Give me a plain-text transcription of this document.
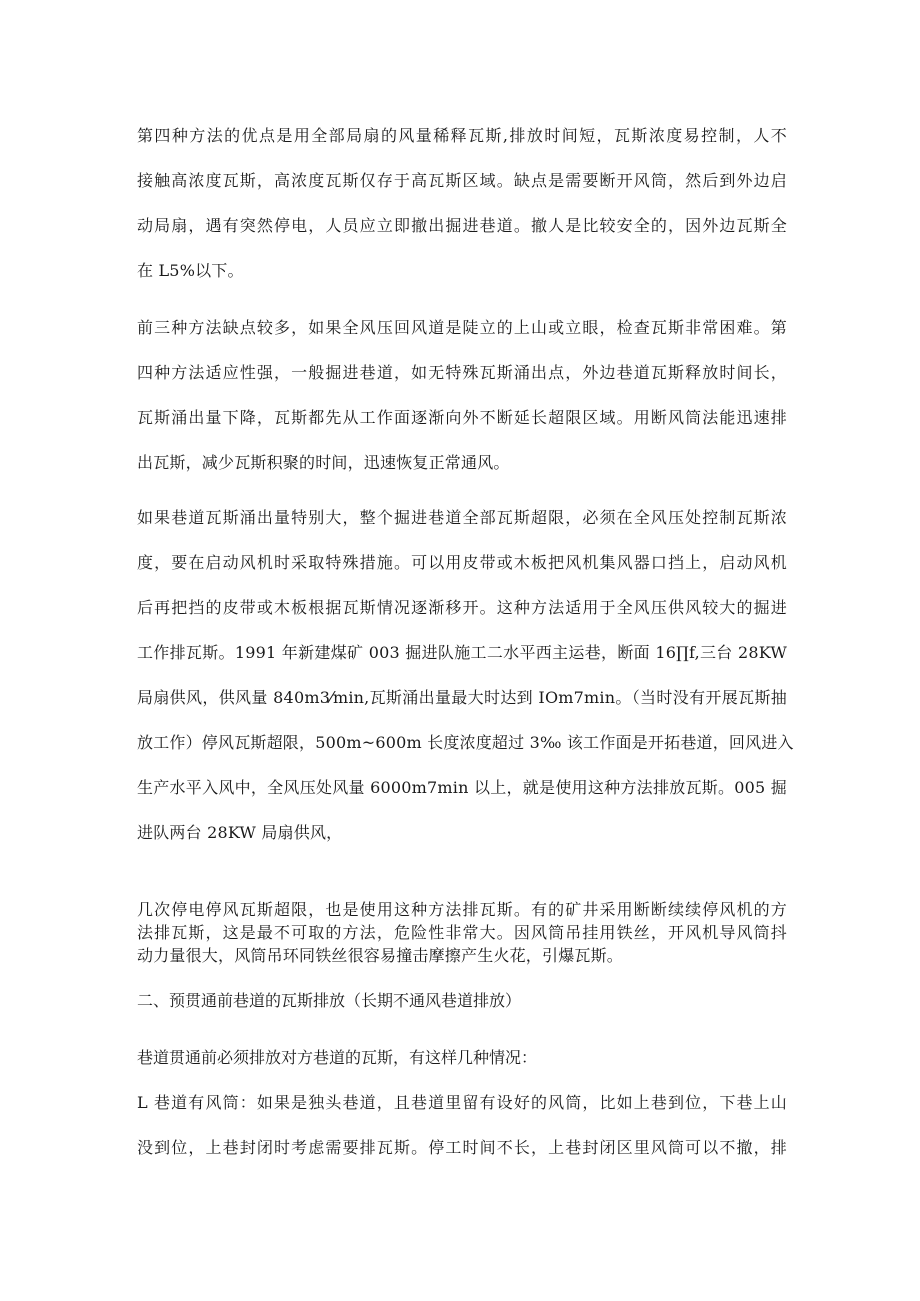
第四种方法的优点是用全部局扇的风量稀释瓦斯,排放时间短，瓦斯浓度易控制，人不
接触高浓度瓦斯，高浓度瓦斯仅存于高瓦斯区域。缺点是需要断开风筒，然后到外边启
动局扇，遇有突然停电，人员应立即撤出掘进巷道。撤人是比较安全的，因外边瓦斯全
在 L5%以下。
前三种方法缺点较多，如果全风压回风道是陡立的上山或立眼，检查瓦斯非常困难。第
四种方法适应性强，一般掘进巷道，如无特殊瓦斯涌出点，外边巷道瓦斯释放时间长，
瓦斯涌出量下降，瓦斯都先从工作面逐渐向外不断延长超限区域。用断风筒法能迅速排
出瓦斯，减少瓦斯积聚的时间，迅速恢复正常通风。
如果巷道瓦斯涌出量特别大，整个掘进巷道全部瓦斯超限，必须在全风压处控制瓦斯浓
度，要在启动风机时采取特殊措施。可以用皮带或木板把风机集风器口挡上，启动风机
后再把挡的皮带或木板根据瓦斯情况逐渐移开。这种方法适用于全风压供风较大的掘进
工作排瓦斯。1991 年新建煤矿 003 掘进队施工二水平西主运巷，断面 16∏f,三台 28KW
局扇供风，供风量 840m3⁄min,瓦斯涌出量最大时达到 IOm7min。（当时没有开展瓦斯抽
放工作）停风瓦斯超限，500m~600m 长度浓度超过 3‰ 该工作面是开拓巷道，回风进入
生产水平入风中，全风压处风量 6000m7min 以上，就是使用这种方法排放瓦斯。005 掘
进队两台 28KW 局扇供风，
几次停电停风瓦斯超限，也是使用这种方法排瓦斯。有的矿井采用断断续续停风机的方
法排瓦斯，这是最不可取的方法，危险性非常大。因风筒吊挂用铁丝，开风机导风筒抖
动力量很大，风筒吊环同铁丝很容易撞击摩擦产生火花，引爆瓦斯。

二、预贯通前巷道的瓦斯排放（长期不通风巷道排放）

巷道贯通前必须排放对方巷道的瓦斯，有这样几种情况：

L 巷道有风筒：如果是独头巷道，且巷道里留有设好的风筒，比如上巷到位，下巷上山
没到位，上巷封闭时考虑需要排瓦斯。停工时间不长，上巷封闭区里风筒可以不撤，排
